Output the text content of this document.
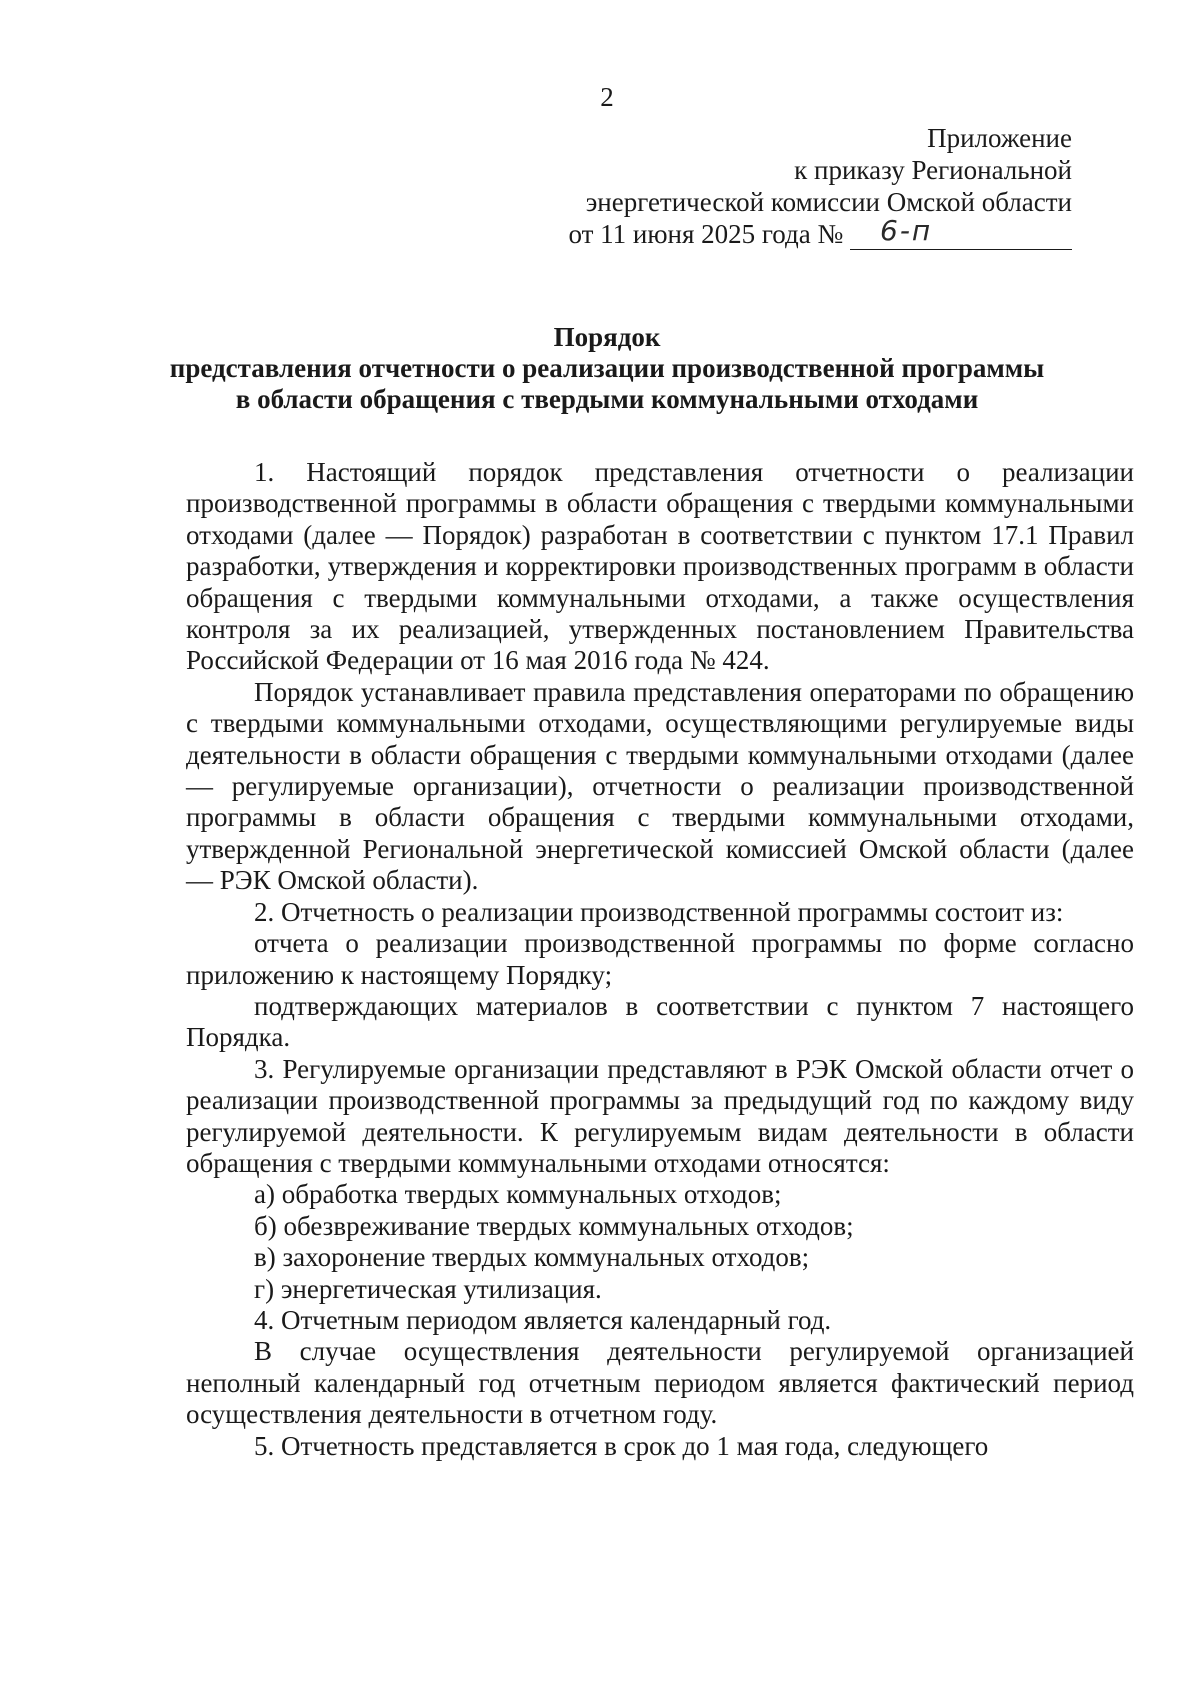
2
Приложение
к приказу Региональной
энергетической комиссии Омской области
от 11 июня 2025 года № 6-п
Порядок
представления отчетности о реализации производственной программы
в области обращения с твердыми коммунальными отходами

1. Настоящий порядок представления отчетности о реализации производственной программы в области обращения с твердыми коммунальными отходами (далее — Порядок) разработан в соответствии с пунктом 17.1 Правил разработки, утверждения и корректировки производственных программ в области обращения с твердыми коммунальными отходами, а также осуществления контроля за их реализацией, утвержденных постановлением Правительства Российской Федерации от 16 мая 2016 года № 424.

Порядок устанавливает правила представления операторами по обращению с твердыми коммунальными отходами, осуществляющими регулируемые виды деятельности в области обращения с твердыми коммунальными отходами (далее — регулируемые организации), отчетности о реализации производственной программы в области обращения с твердыми коммунальными отходами, утвержденной Региональной энергетической комиссией Омской области (далее — РЭК Омской области).

2. Отчетность о реализации производственной программы состоит из:

отчета о реализации производственной программы по форме согласно приложению к настоящему Порядку;

подтверждающих материалов в соответствии с пунктом 7 настоящего Порядка.

3. Регулируемые организации представляют в РЭК Омской области отчет о реализации производственной программы за предыдущий год по каждому виду регулируемой деятельности. К регулируемым видам деятельности в области обращения с твердыми коммунальными отходами относятся:

а) обработка твердых коммунальных отходов;

б) обезвреживание твердых коммунальных отходов;

в) захоронение твердых коммунальных отходов;

г) энергетическая утилизация.

4. Отчетным периодом является календарный год.

В случае осуществления деятельности регулируемой организацией неполный календарный год отчетным периодом является фактический период осуществления деятельности в отчетном году.

5. Отчетность представляется в срок до 1 мая года, следующего
